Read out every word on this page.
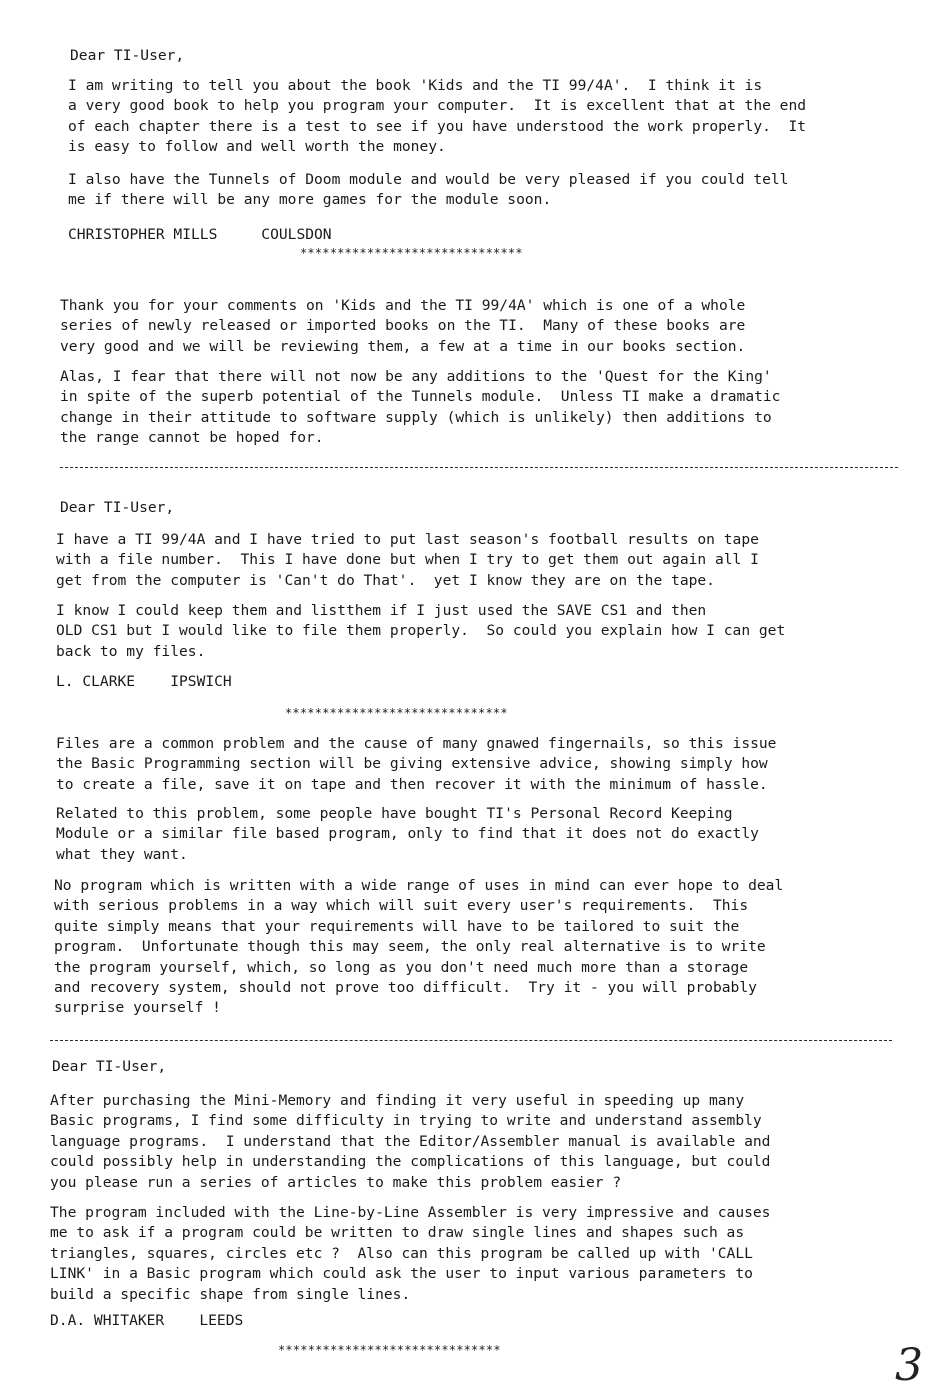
Dear TI-User,
I am writing to tell you about the book 'Kids and the TI 99/4A'.  I think it is
a very good book to help you program your computer.  It is excellent that at the end
of each chapter there is a test to see if you have understood the work properly.  It
is easy to follow and well worth the money.
I also have the Tunnels of Doom module and would be very pleased if you could tell
me if there will be any more games for the module soon.
CHRISTOPHER MILLS     COULSDON
******************************
Thank you for your comments on 'Kids and the TI 99/4A' which is one of a whole
series of newly released or imported books on the TI.  Many of these books are
very good and we will be reviewing them, a few at a time in our books section.
Alas, I fear that there will not now be any additions to the 'Quest for the King'
in spite of the superb potential of the Tunnels module.  Unless TI make a dramatic
change in their attitude to software supply (which is unlikely) then additions to
the range cannot be hoped for.
Dear TI-User,
I have a TI 99/4A and I have tried to put last season's football results on tape
with a file number.  This I have done but when I try to get them out again all I
get from the computer is 'Can't do That'.  yet I know they are on the tape.
I know I could keep them and listthem if I just used the SAVE CS1 and then
OLD CS1 but I would like to file them properly.  So could you explain how I can get
back to my files.
L. CLARKE    IPSWICH
******************************
Files are a common problem and the cause of many gnawed fingernails, so this issue
the Basic Programming section will be giving extensive advice, showing simply how
to create a file, save it on tape and then recover it with the minimum of hassle.
Related to this problem, some people have bought TI's Personal Record Keeping
Module or a similar file based program, only to find that it does not do exactly
what they want.
No program which is written with a wide range of uses in mind can ever hope to deal
with serious problems in a way which will suit every user's requirements.  This
quite simply means that your requirements will have to be tailored to suit the
program.  Unfortunate though this may seem, the only real alternative is to write
the program yourself, which, so long as you don't need much more than a storage
and recovery system, should not prove too difficult.  Try it - you will probably
surprise yourself !
Dear TI-User,
After purchasing the Mini-Memory and finding it very useful in speeding up many
Basic programs, I find some difficulty in trying to write and understand assembly
language programs.  I understand that the Editor/Assembler manual is available and
could possibly help in understanding the complications of this language, but could
you please run a series of articles to make this problem easier ?
The program included with the Line-by-Line Assembler is very impressive and causes
me to ask if a program could be written to draw single lines and shapes such as
triangles, squares, circles etc ?  Also can this program be called up with 'CALL
LINK' in a Basic program which could ask the user to input various parameters to
build a specific shape from single lines.
D.A. WHITAKER    LEEDS
******************************	3
